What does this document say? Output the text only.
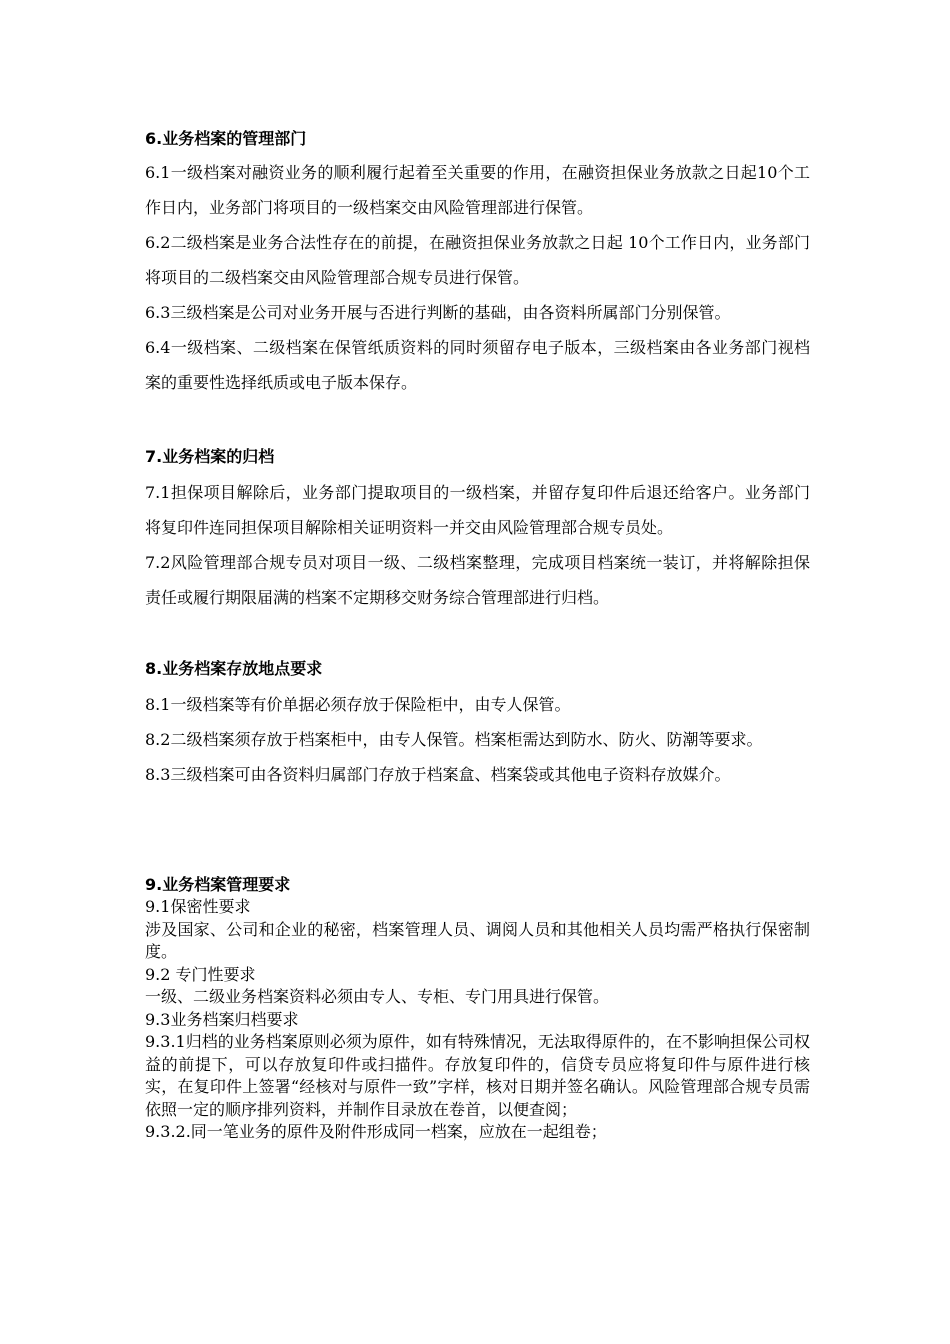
6.业务档案的管理部门

6.1一级档案对融资业务的顺利履行起着至关重要的作用，在融资担保业务放款之日起10个工作日内，业务部门将项目的一级档案交由风险管理部进行保管。

6.2二级档案是业务合法性存在的前提，在融资担保业务放款之日起 10个工作日内，业务部门将项目的二级档案交由风险管理部合规专员进行保管。

6.3三级档案是公司对业务开展与否进行判断的基础，由各资料所属部门分别保管。

6.4一级档案、二级档案在保管纸质资料的同时须留存电子版本，三级档案由各业务部门视档案的重要性选择纸质或电子版本保存。

7.业务档案的归档

7.1担保项目解除后，业务部门提取项目的一级档案，并留存复印件后退还给客户。业务部门将复印件连同担保项目解除相关证明资料一并交由风险管理部合规专员处。

7.2风险管理部合规专员对项目一级、二级档案整理，完成项目档案统一装订，并将解除担保责任或履行期限届满的档案不定期移交财务综合管理部进行归档。

8.业务档案存放地点要求

8.1一级档案等有价单据必须存放于保险柜中，由专人保管。

8.2二级档案须存放于档案柜中，由专人保管。档案柜需达到防水、防火、防潮等要求。

8.3三级档案可由各资料归属部门存放于档案盒、档案袋或其他电子资料存放媒介。

9.业务档案管理要求

9.1保密性要求

涉及国家、公司和企业的秘密，档案管理人员、调阅人员和其他相关人员均需严格执行保密制度。

9.2 专门性要求

一级、二级业务档案资料必须由专人、专柜、专门用具进行保管。

9.3业务档案归档要求

9.3.1归档的业务档案原则必须为原件，如有特殊情况，无法取得原件的，在不影响担保公司权益的前提下，可以存放复印件或扫描件。存放复印件的，信贷专员应将复印件与原件进行核实，在复印件上签署“经核对与原件一致”字样，核对日期并签名确认。风险管理部合规专员需依照一定的顺序排列资料，并制作目录放在卷首，以便查阅；

9.3.2.同一笔业务的原件及附件形成同一档案，应放在一起组卷；
